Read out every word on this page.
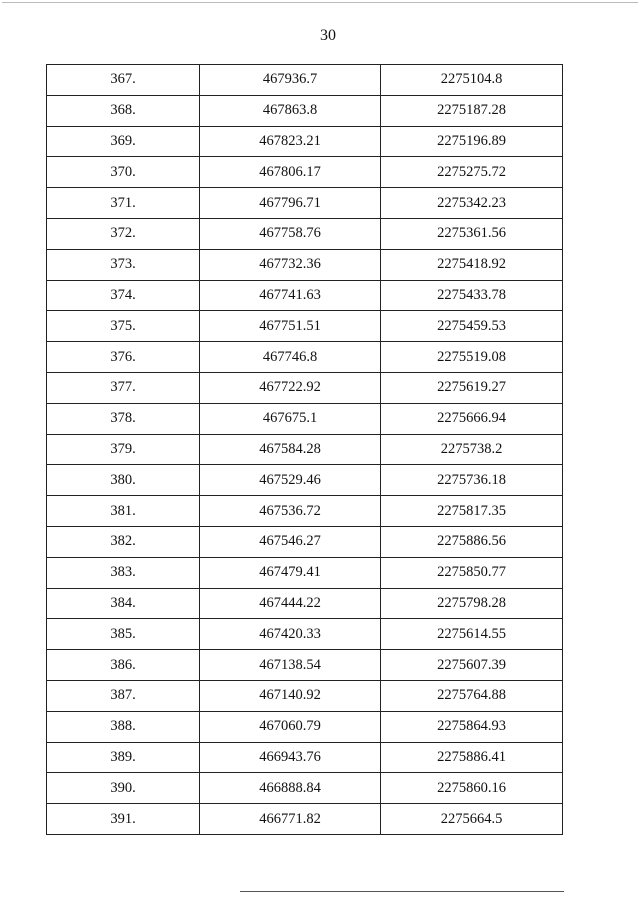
30
367.	467936.7	2275104.8
368.	467863.8	2275187.28
369.	467823.21	2275196.89
370.	467806.17	2275275.72
371.	467796.71	2275342.23
372.	467758.76	2275361.56
373.	467732.36	2275418.92
374.	467741.63	2275433.78
375.	467751.51	2275459.53
376.	467746.8	2275519.08
377.	467722.92	2275619.27
378.	467675.1	2275666.94
379.	467584.28	2275738.2
380.	467529.46	2275736.18
381.	467536.72	2275817.35
382.	467546.27	2275886.56
383.	467479.41	2275850.77
384.	467444.22	2275798.28
385.	467420.33	2275614.55
386.	467138.54	2275607.39
387.	467140.92	2275764.88
388.	467060.79	2275864.93
389.	466943.76	2275886.41
390.	466888.84	2275860.16
391.	466771.82	2275664.5
